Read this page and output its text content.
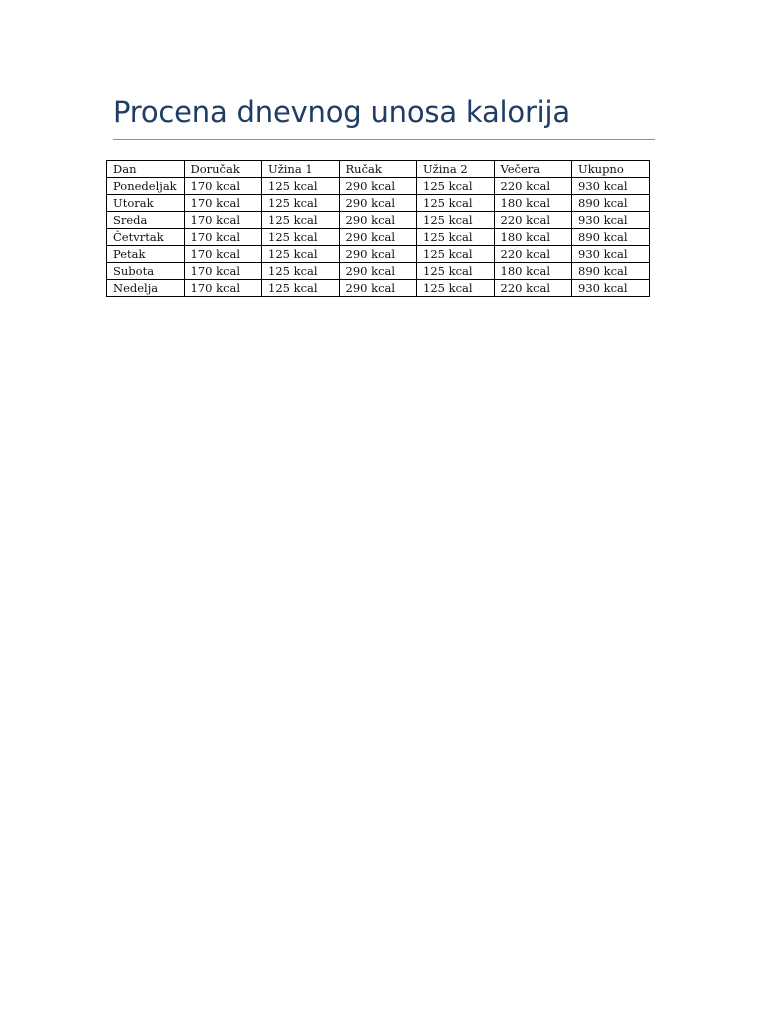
Procena dnevnog unosa kalorija
Dan	Doručak	Užina 1	Ručak	Užina 2	Večera	Ukupno
Ponedeljak	170 kcal	125 kcal	290 kcal	125 kcal	220 kcal	930 kcal
Utorak	170 kcal	125 kcal	290 kcal	125 kcal	180 kcal	890 kcal
Sreda	170 kcal	125 kcal	290 kcal	125 kcal	220 kcal	930 kcal
Četvrtak	170 kcal	125 kcal	290 kcal	125 kcal	180 kcal	890 kcal
Petak	170 kcal	125 kcal	290 kcal	125 kcal	220 kcal	930 kcal
Subota	170 kcal	125 kcal	290 kcal	125 kcal	180 kcal	890 kcal
Nedelja	170 kcal	125 kcal	290 kcal	125 kcal	220 kcal	930 kcal
